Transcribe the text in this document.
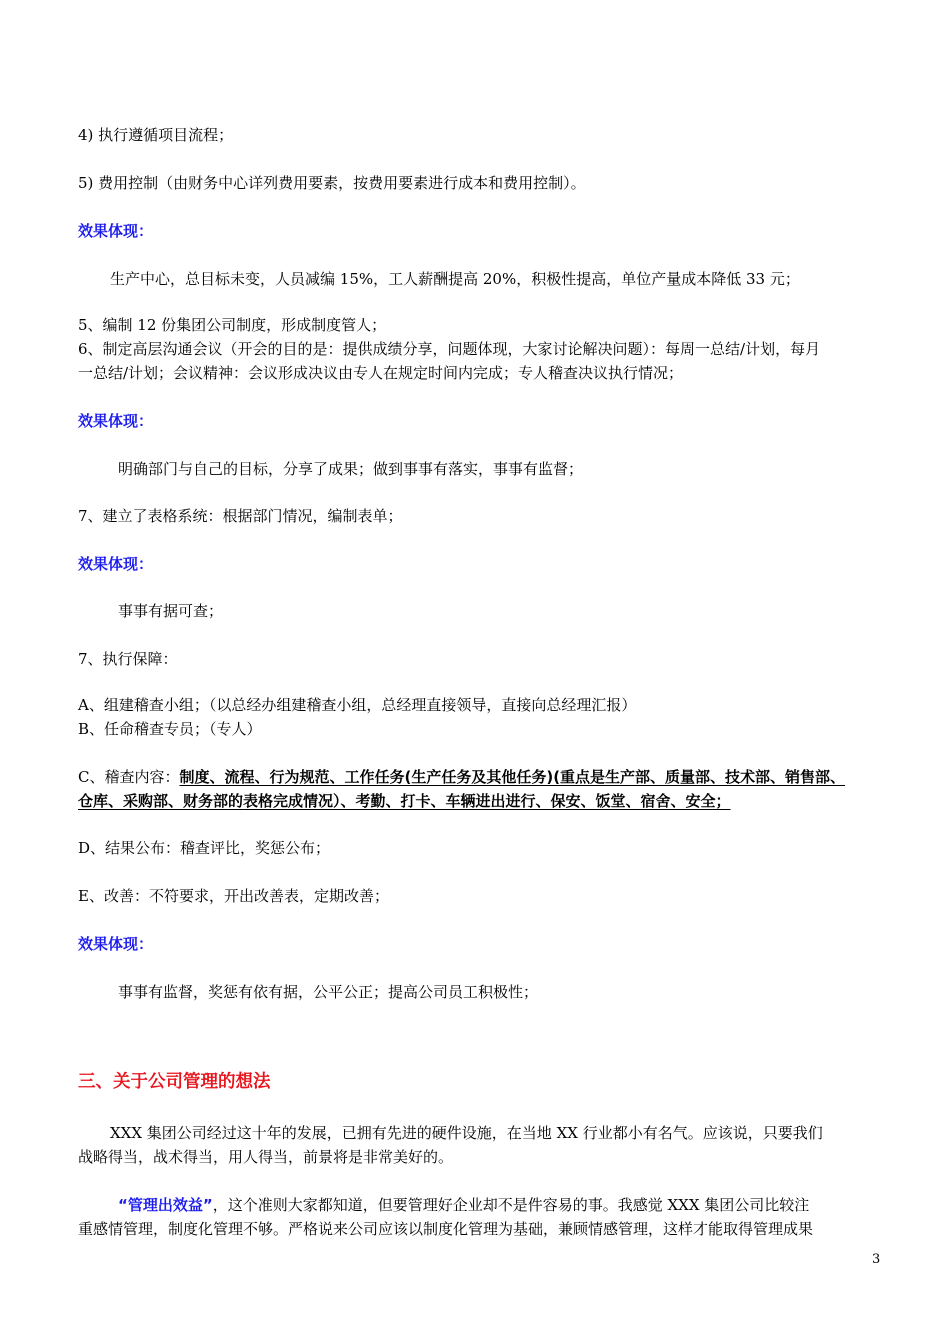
4) 执行遵循项目流程；
5) 费用控制（由财务中心详列费用要素，按费用要素进行成本和费用控制）。
效果体现：
生产中心，总目标未变，人员减编 15%，工人薪酬提高 20%，积极性提高，单位产量成本降低 33 元；
5、编制 12 份集团公司制度，形成制度管人；
6、制定高层沟通会议（开会的目的是：提供成绩分享，问题体现，大家讨论解决问题）：每周一总结/计划，每月
一总结/计划；会议精神：会议形成决议由专人在规定时间内完成；专人稽查决议执行情况；
效果体现：
明确部门与自己的目标，分享了成果；做到事事有落实，事事有监督；
7、建立了表格系统：根据部门情况，编制表单；
效果体现：
事事有据可查；
7、执行保障：
A、组建稽查小组；（以总经办组建稽查小组，总经理直接领导，直接向总经理汇报）
B、任命稽查专员；（专人）
C、稽查内容：制度、流程、行为规范、工作任务(生产任务及其他任务)(重点是生产部、质量部、技术部、销售部、
仓库、采购部、财务部的表格完成情况）、考勤、打卡、车辆进出进行、保安、饭堂、宿舍、安全；
D、结果公布：稽查评比，奖惩公布；
E、改善：不符要求，开出改善表，定期改善；
效果体现：
事事有监督，奖惩有依有据，公平公正；提高公司员工积极性；
三、关于公司管理的想法
XXX 集团公司经过这十年的发展，已拥有先进的硬件设施，在当地 XX 行业都小有名气。应该说，只要我们
战略得当，战术得当，用人得当，前景将是非常美好的。
“管理出效益”，这个准则大家都知道，但要管理好企业却不是件容易的事。我感觉 XXX 集团公司比较注
重感情管理，制度化管理不够。严格说来公司应该以制度化管理为基础，兼顾情感管理，这样才能取得管理成果
3
